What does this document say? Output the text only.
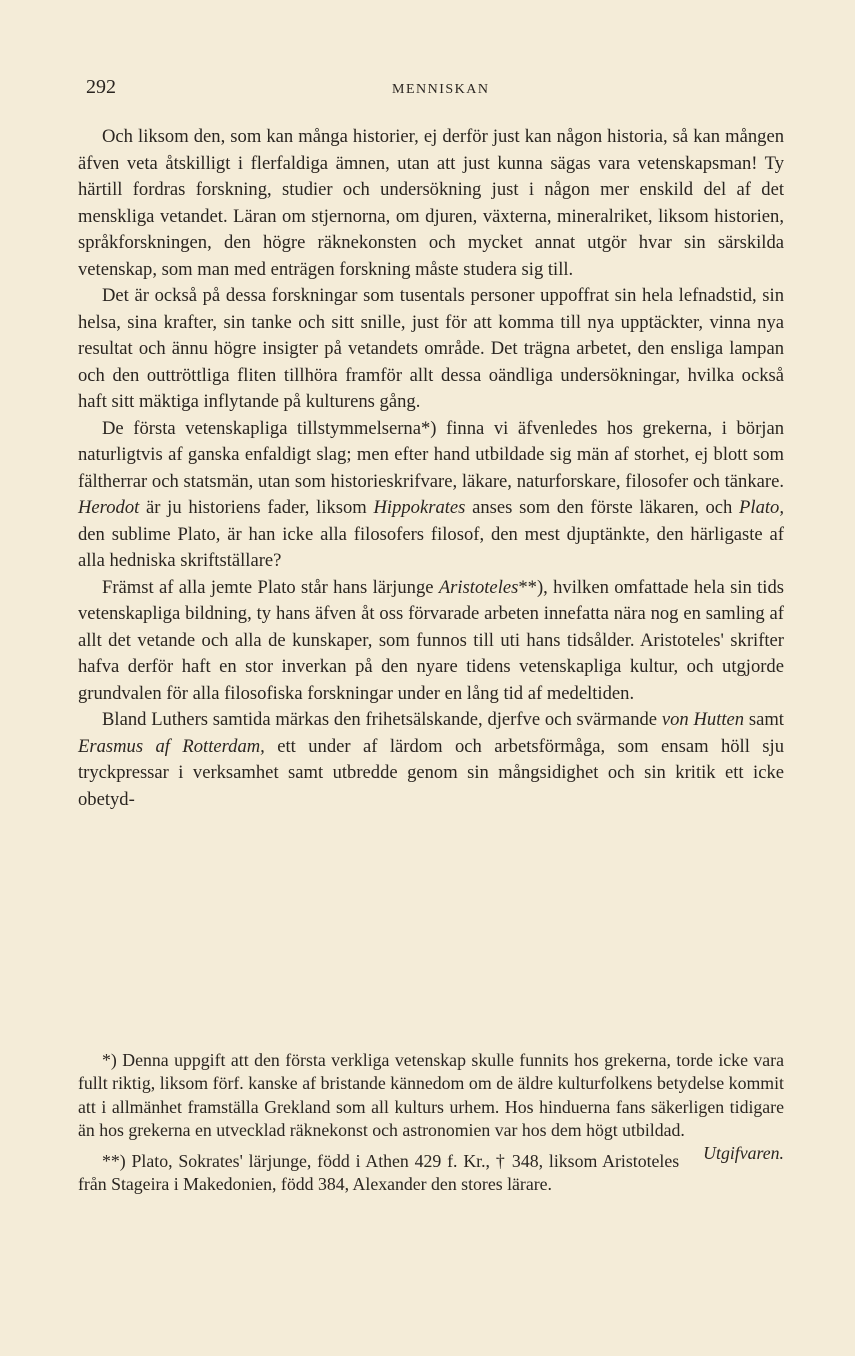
292	MENNISKAN

Och liksom den, som kan många historier, ej derför just kan någon historia, så kan mången äfven veta åtskilligt i flerfaldiga ämnen, utan att just kunna sägas vara vetenskapsman! Ty härtill fordras forskning, studier och undersökning just i någon mer enskild del af det menskliga vetandet. Läran om stjernorna, om djuren, växterna, mineralriket, liksom historien, språkforskningen, den högre räknekonsten och mycket annat utgör hvar sin särskilda vetenskap, som man med enträgen forskning måste studera sig till.

Det är också på dessa forskningar som tusentals personer uppoffrat sin hela lefnadstid, sin helsa, sina krafter, sin tanke och sitt snille, just för att komma till nya upptäckter, vinna nya resultat och ännu högre insigter på vetandets område. Det trägna arbetet, den ensliga lampan och den outtröttliga fliten tillhöra framför allt dessa oändliga undersökningar, hvilka också haft sitt mäktiga inflytande på kulturens gång.

De första vetenskapliga tillstymmelserna*) finna vi äfvenledes hos grekerna, i början naturligtvis af ganska enfaldigt slag; men efter hand utbildade sig män af storhet, ej blott som fältherrar och statsmän, utan som historieskrifvare, läkare, naturforskare, filosofer och tänkare. Herodot är ju historiens fader, liksom Hippokrates anses som den förste läkaren, och Plato, den sublime Plato, är han icke alla filosofers filosof, den mest djuptänkte, den härligaste af alla hedniska skriftställare?

Främst af alla jemte Plato står hans lärjunge Aristoteles**), hvilken omfattade hela sin tids vetenskapliga bildning, ty hans äfven åt oss förvarade arbeten innefatta nära nog en samling af allt det vetande och alla de kunskaper, som funnos till uti hans tidsålder. Aristoteles' skrifter hafva derför haft en stor inverkan på den nyare tidens vetenskapliga kultur, och utgjorde grundvalen för alla filosofiska forskningar under en lång tid af medeltiden.

Bland Luthers samtida märkas den frihetsälskande, djerfve och svärmande von Hutten samt Erasmus af Rotterdam, ett under af lärdom och arbetsförmåga, som ensam höll sju tryckpressar i verksamhet samt utbredde genom sin mångsidighet och sin kritik ett icke obetyd-

*) Denna uppgift att den första verkliga vetenskap skulle funnits hos grekerna, torde icke vara fullt riktig, liksom förf. kanske af bristande kännedom om de äldre kulturfolkens betydelse kommit att i allmänhet framställa Grekland som all kulturs urhem. Hos hinduerna fans säkerligen tidigare än hos grekerna en utvecklad räknekonst och astronomien var hos dem högt utbildad.
Utgifvaren.

**) Plato, Sokrates' lärjunge, född i Athen 429 f. Kr., † 348, liksom Aristoteles från Stageira i Makedonien, född 384, Alexander den stores lärare.
